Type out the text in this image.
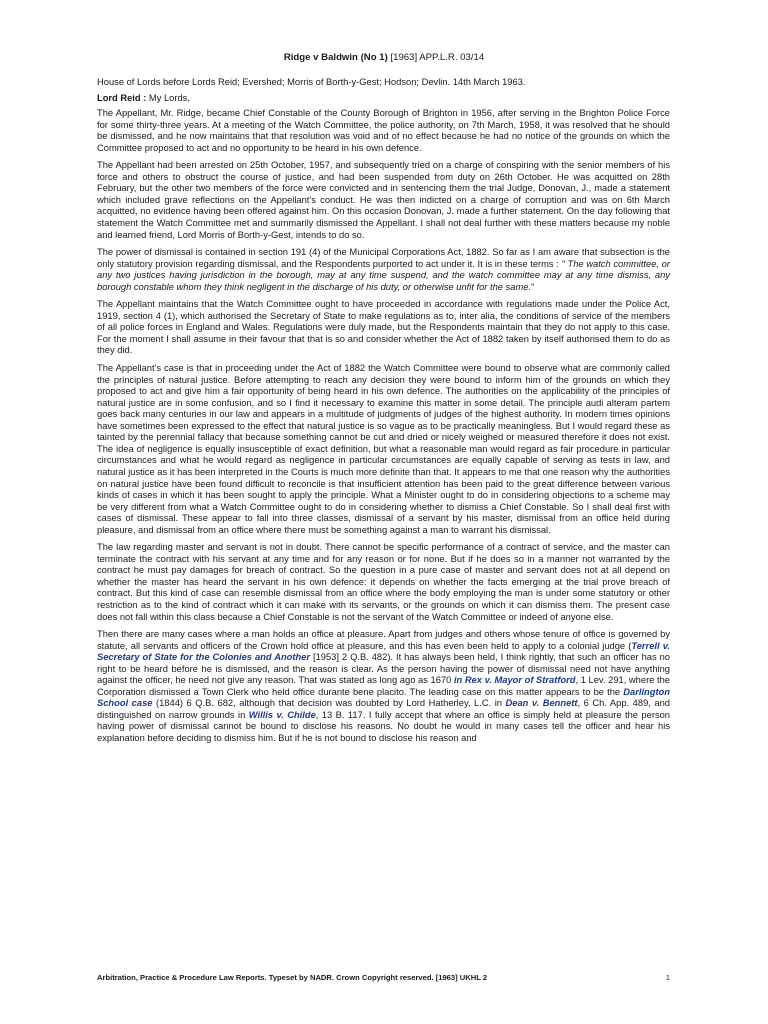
Ridge v Baldwin (No 1) [1963] APP.L.R. 03/14

House of Lords before Lords Reid; Evershed; Morris of Borth-y-Gest; Hodson; Devlin. 14th March 1963.

Lord Reid : My Lords,

The Appellant, Mr. Ridge, became Chief Constable of the County Borough of Brighton in 1956, after serving in the Brighton Police Force for some thirty-three years. At a meeting of the Watch Committee, the police authority, on 7th March, 1958, it was resolved that he should be dismissed, and he now maintains that that resolution was void and of no effect because he had no notice of the grounds on which the Committee proposed to act and no opportunity to be heard in his own defence.

The Appellant had been arrested on 25th October, 1957, and subsequently tried on a charge of conspiring with the senior members of his force and others to obstruct the course of justice, and had been suspended from duty on 26th October. He was acquitted on 28th February, but the other two members of the force were convicted and in sentencing them the trial Judge, Donovan, J., made a statement which included grave reflections on the Appellant's conduct. He was then indicted on a charge of corruption and was on 6th March acquitted, no evidence having been offered against him. On this occasion Donovan, J. made a further statement. On the day following that statement the Watch Committee met and summarily dismissed the Appellant. I shall not deal further with these matters because my noble and learned friend, Lord Morris of Borth-y-Gest, intends to do so.

The power of dismissal is contained in section 191 (4) of the Municipal Corporations Act, 1882. So far as I am aware that subsection is the only statutory provision regarding dismissal, and the Respondents purported to act under it. It is in these terms : " The watch committee, or any two justices having jurisdiction in the borough, may at any time suspend, and the watch committee may at any time dismiss, any borough constable whom they think negligent in the discharge of his duty, or otherwise unfit for the same."

The Appellant maintains that the Watch Committee ought to have proceeded in accordance with regulations made under the Police Act, 1919, section 4 (1), which authorised the Secretary of State to make regulations as to, inter alia, the conditions of service of the members of all police forces in England and Wales. Regulations were duly made, but the Respondents maintain that they do not apply to this case. For the moment I shall assume in their favour that that is so and consider whether the Act of 1882 taken by itself authorised them to do as they did.

The Appellant's case is that in proceeding under the Act of 1882 the Watch Committee were bound to observe what are commonly called the principles of natural justice. Before attempting to reach any decision they were bound to inform him of the grounds on which they proposed to act and give him a fair opportunity of being heard in his own defence. The authorities on the applicability of the principles of natural justice are in some confusion, and so I find it necessary to examine this matter in some detail. The principle audi alteram partem goes back many centuries in our law and appears in a multitude of judgments of judges of the highest authority. In modern times opinions have sometimes been expressed to the effect that natural justice is so vague as to be practically meaningless. But I would regard these as tainted by the perennial fallacy that because something cannot be cut and dried or nicely weighed or measured therefore it does not exist. The idea of negligence is equally insusceptible of exact definition, but what a reasonable man would regard as fair procedure in particular circumstances and what he would regard as negligence in particular circumstances are equally capable of serving as tests in law, and natural justice as it has been interpreted in the Courts is much more definite than that. It appears to me that one reason why the authorities on natural justice have been found difficult to reconcile is that insufficient attention has been paid to the great difference between various kinds of cases in which it has been sought to apply the principle. What a Minister ought to do in considering objections to a scheme may be very different from what a Watch Committee ought to do in considering whether to dismiss a Chief Constable. So I shall deal first with cases of dismissal. These appear to fall into three classes, dismissal of a servant by his master, dismissal from an office held during pleasure, and dismissal from an office where there must be something against a man to warrant his dismissal.

The law regarding master and servant is not in doubt. There cannot be specific performance of a contract of service, and the master can terminate the contract with his servant at any time and for any reason or for none. But if he does so in a manner not warranted by the contract he must pay damages for breach of contract. So the question in a pure case of master and servant does not at all depend on whether the master has heard the servant in his own defence: it depends on whether the facts emerging at the trial prove breach of contract. But this kind of case can resemble dismissal from an office where the body employing the man is under some statutory or other restriction as to the kind of contract which it can make with its servants, or the grounds on which it can dismiss them. The present case does not fall within this class because a Chief Constable is not the servant of the Watch Committee or indeed of anyone else.

Then there are many cases where a man holds an office at pleasure. Apart from judges and others whose tenure of office is governed by statute, all servants and officers of the Crown hold office at pleasure, and this has even been held to apply to a colonial judge (Terrell v. Secretary of State for the Colonies and Another [1953] 2 Q.B. 482). It has always been held, I think rightly, that such an officer has no right to be heard before he is dismissed, and the reason is clear. As the person having the power of dismissal need not have anything against the officer, he need not give any reason. That was stated as long ago as 1670 in Rex v. Mayor of Stratford, 1 Lev. 291, where the Corporation dismissed a Town Clerk who held office durante bene placito. The leading case on this matter appears to be the Darlington School case (1844) 6 Q.B. 682, although that decision was doubted by Lord Hatherley, L.C. in Dean v. Bennett, 6 Ch. App. 489, and distinguished on narrow grounds in Willis v. Childe, 13 B. 117. I fully accept that where an office is simply held at pleasure the person having power of dismissal cannot be bound to disclose his reasons. No doubt he would in many cases tell the officer and hear his explanation before deciding to dismiss him. But if he is not bound to disclose his reason and

Arbitration, Practice & Procedure Law Reports. Typeset by NADR. Crown Copyright reserved. [1963] UKHL 2	1
